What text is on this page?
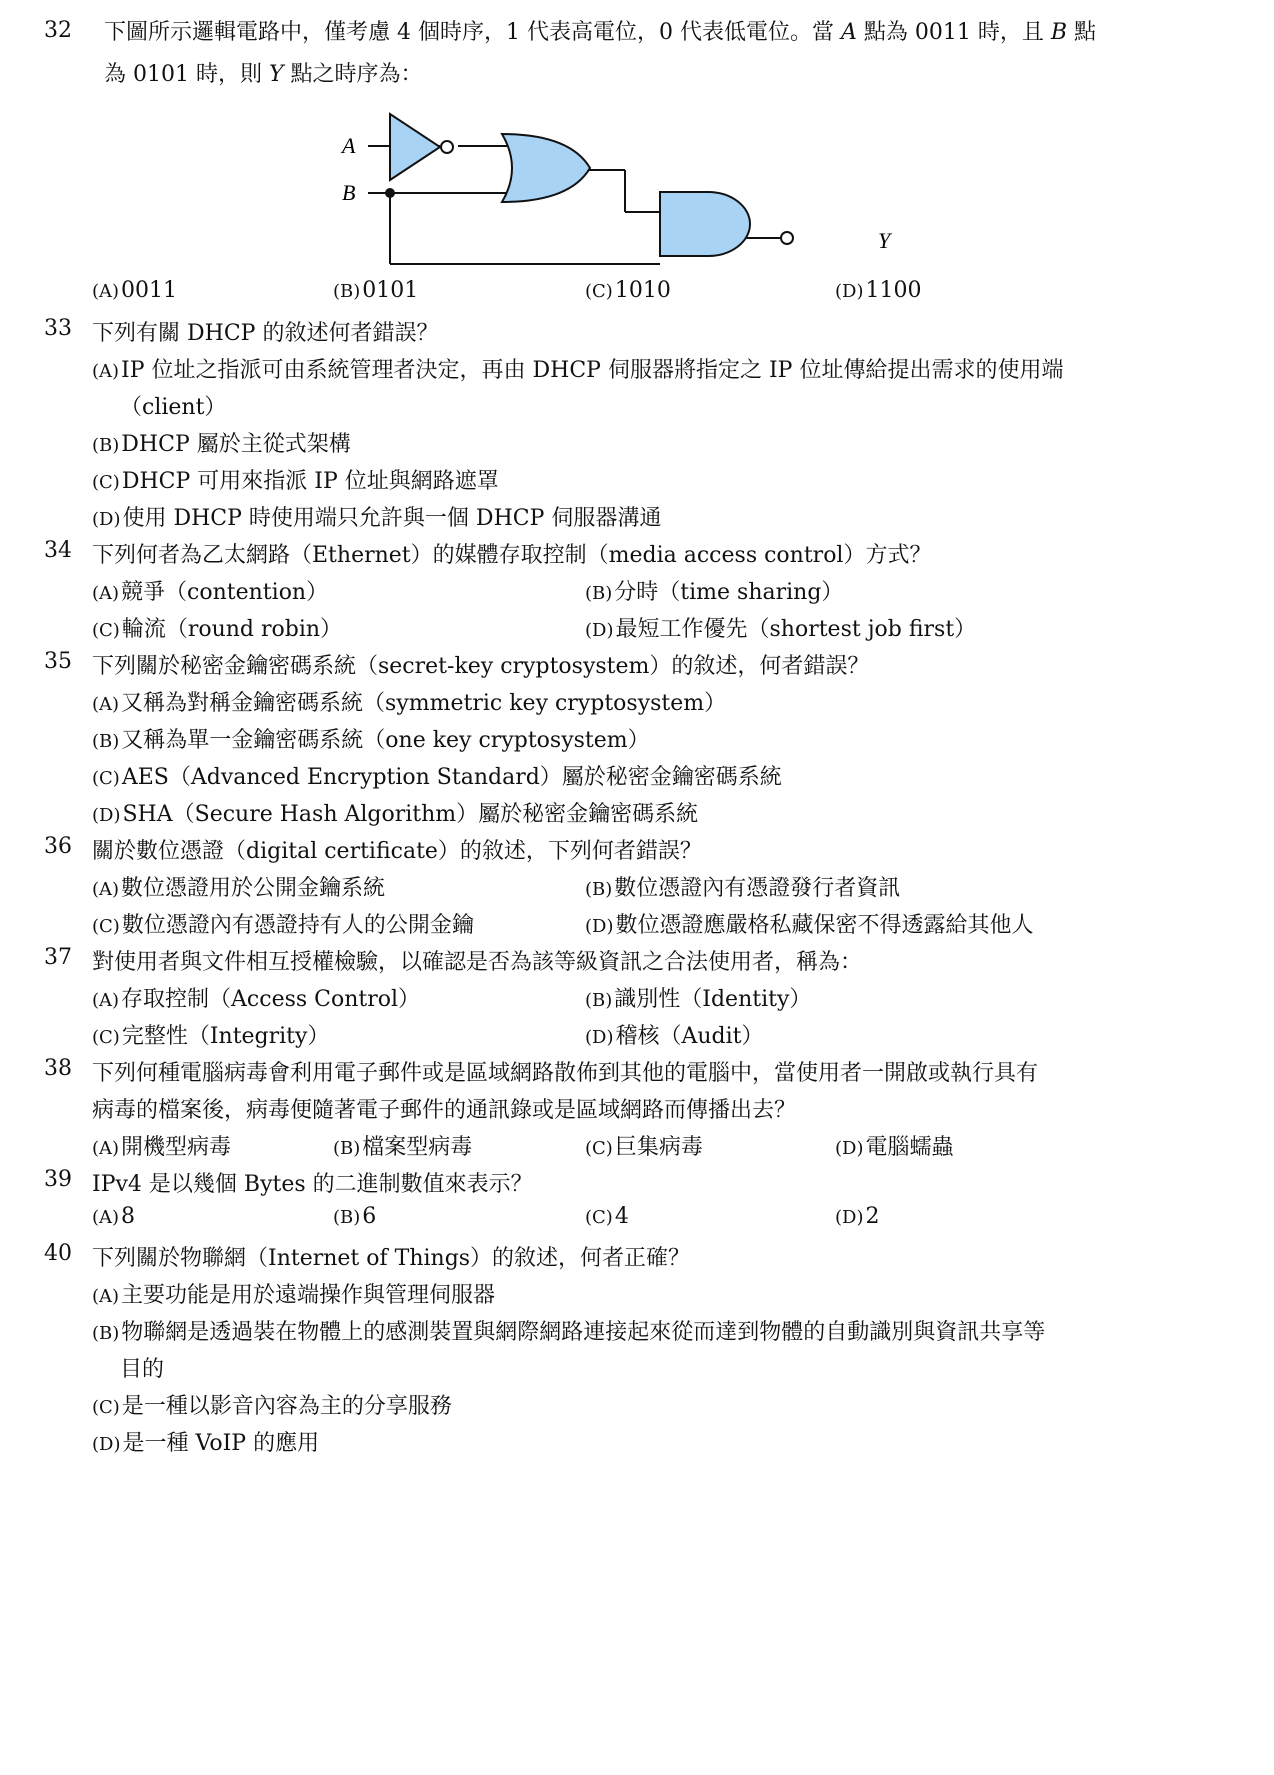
32 下圖所示邏輯電路中，僅考慮 4 個時序，1 代表高電位，0 代表低電位。當 A 點為 0011 時，且 B 點
為 0101 時，則 Y 點之時序為：
A
B
Y
(A)0011	(B)0101	(C)1010	(D)1100
33 下列有關 DHCP 的敘述何者錯誤？
(A)IP 位址之指派可由系統管理者決定，再由 DHCP 伺服器將指定之 IP 位址傳給提出需求的使用端
（client）
(B)DHCP 屬於主從式架構
(C)DHCP 可用來指派 IP 位址與網路遮罩
(D)使用 DHCP 時使用端只允許與一個 DHCP 伺服器溝通
34 下列何者為乙太網路（Ethernet）的媒體存取控制（media access control）方式？
(A)競爭（contention）	(B)分時（time sharing）
(C)輪流（round robin）	(D)最短工作優先（shortest job first）
35 下列關於秘密金鑰密碼系統（secret-key cryptosystem）的敘述，何者錯誤？
(A)又稱為對稱金鑰密碼系統（symmetric key cryptosystem）
(B)又稱為單一金鑰密碼系統（one key cryptosystem）
(C)AES（Advanced Encryption Standard）屬於秘密金鑰密碼系統
(D)SHA（Secure Hash Algorithm）屬於秘密金鑰密碼系統
36 關於數位憑證（digital certificate）的敘述，下列何者錯誤？
(A)數位憑證用於公開金鑰系統	(B)數位憑證內有憑證發行者資訊
(C)數位憑證內有憑證持有人的公開金鑰	(D)數位憑證應嚴格私藏保密不得透露給其他人
37 對使用者與文件相互授權檢驗，以確認是否為該等級資訊之合法使用者，稱為：
(A)存取控制（Access Control）	(B)識別性（Identity）
(C)完整性（Integrity）	(D)稽核（Audit）
38 下列何種電腦病毒會利用電子郵件或是區域網路散佈到其他的電腦中，當使用者一開啟或執行具有
病毒的檔案後，病毒便隨著電子郵件的通訊錄或是區域網路而傳播出去？
(A)開機型病毒	(B)檔案型病毒	(C)巨集病毒	(D)電腦蠕蟲
39 IPv4 是以幾個 Bytes 的二進制數值來表示？
(A)8	(B)6	(C)4	(D)2
40 下列關於物聯網（Internet of Things）的敘述，何者正確？
(A)主要功能是用於遠端操作與管理伺服器
(B)物聯網是透過裝在物體上的感測裝置與網際網路連接起來從而達到物體的自動識別與資訊共享等
目的
(C)是一種以影音內容為主的分享服務
(D)是一種 VoIP 的應用
